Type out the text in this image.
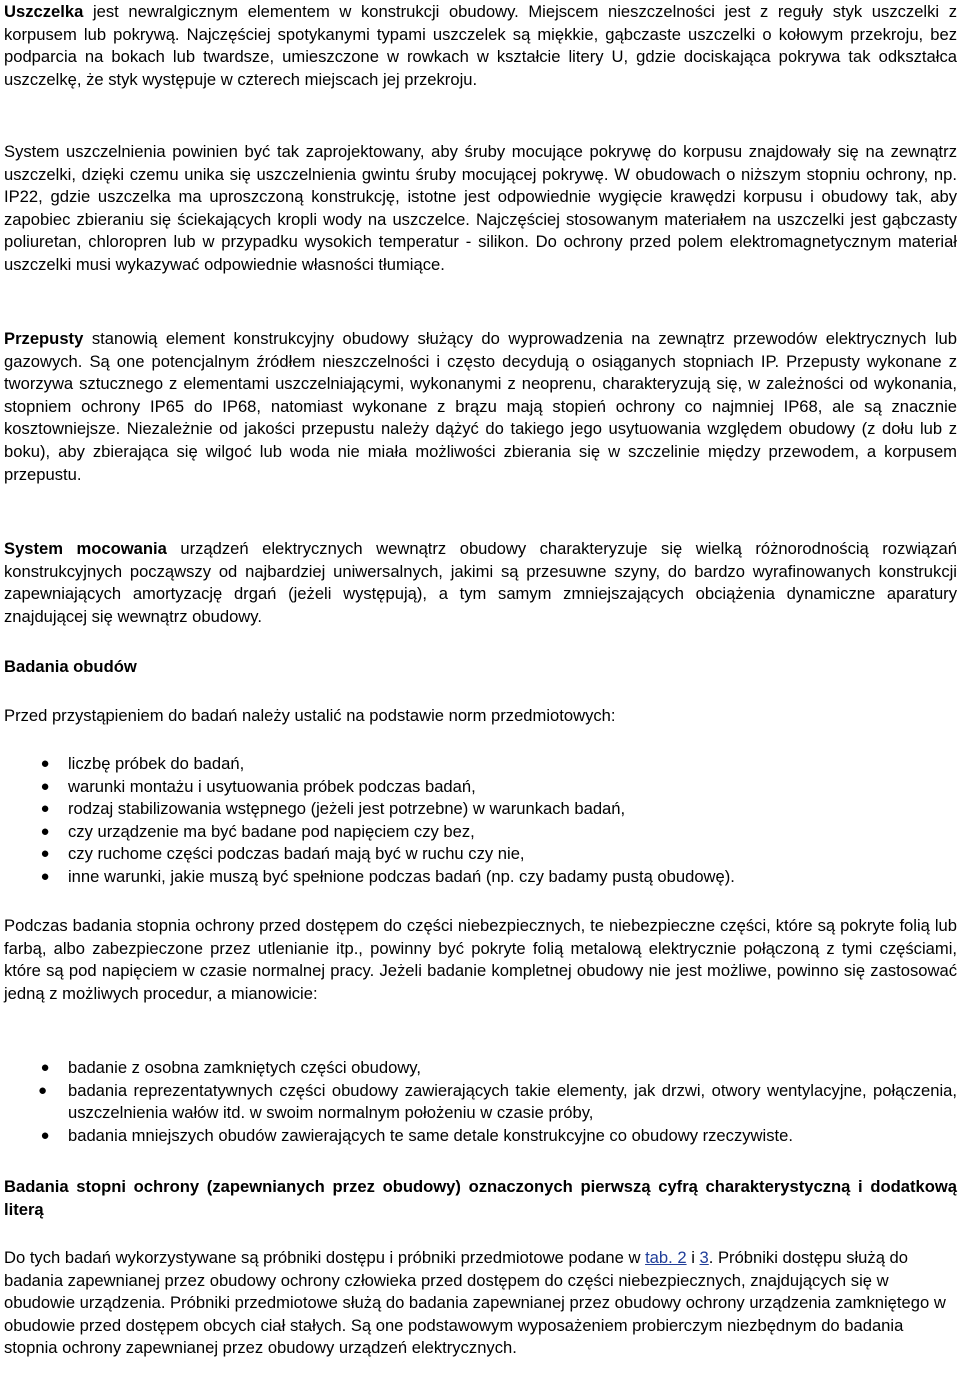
Uszczelka jest newralgicznym elementem w konstrukcji obudowy. Miejscem nieszczelności jest z reguły styk uszczelki z korpusem lub pokrywą. Najczęściej spotykanymi typami uszczelek są miękkie, gąbczaste uszczelki o kołowym przekroju, bez podparcia na bokach lub twardsze, umieszczone w rowkach w kształcie litery U, gdzie dociskająca pokrywa tak odkształca uszczelkę, że styk występuje w czterech miejscach jej przekroju.

System uszczelnienia powinien być tak zaprojektowany, aby śruby mocujące pokrywę do korpusu znajdowały się na zewnątrz uszczelki, dzięki czemu unika się uszczelnienia gwintu śruby mocującej pokrywę. W obudowach o niższym stopniu ochrony, np. IP22, gdzie uszczelka ma uproszczoną konstrukcję, istotne jest odpowiednie wygięcie krawędzi korpusu i obudowy tak, aby zapobiec zbieraniu się ściekających kropli wody na uszczelce. Najczęściej stosowanym materiałem na uszczelki jest gąbczasty poliuretan, chloropren lub w przypadku wysokich temperatur - silikon. Do ochrony przed polem elektromagnetycznym materiał uszczelki musi wykazywać odpowiednie własności tłumiące.

Przepusty stanowią element konstrukcyjny obudowy służący do wyprowadzenia na zewnątrz przewodów elektrycznych lub gazowych. Są one potencjalnym źródłem nieszczelności i często decydują o osiąganych stopniach IP. Przepusty wykonane z tworzywa sztucznego z elementami uszczelniającymi, wykonanymi z neoprenu, charakteryzują się, w zależności od wykonania, stopniem ochrony IP65 do IP68, natomiast wykonane z brązu mają stopień ochrony co najmniej IP68, ale są znacznie kosztowniejsze. Niezależnie od jakości przepustu należy dążyć do takiego jego usytuowania względem obudowy (z dołu lub z boku), aby zbierająca się wilgoć lub woda nie miała możliwości zbierania się w szczelinie między przewodem, a korpusem przepustu.

System mocowania urządzeń elektrycznych wewnątrz obudowy charakteryzuje się wielką różnorodnością rozwiązań konstrukcyjnych począwszy od najbardziej uniwersalnych, jakimi są przesuwne szyny, do bardzo wyrafinowanych konstrukcji zapewniających amortyzację drgań (jeżeli występują), a tym samym zmniejszających obciążenia dynamiczne aparatury znajdującej się wewnątrz obudowy.

Badania obudów

Przed przystąpieniem do badań należy ustalić na podstawie norm przedmiotowych:

● liczbę próbek do badań,
● warunki montażu i usytuowania próbek podczas badań,
● rodzaj stabilizowania wstępnego (jeżeli jest potrzebne) w warunkach badań,
● czy urządzenie ma być badane pod napięciem czy bez,
● czy ruchome części podczas badań mają być w ruchu czy nie,
● inne warunki, jakie muszą być spełnione podczas badań (np. czy badamy pustą obudowę).

Podczas badania stopnia ochrony przed dostępem do części niebezpiecznych, te niebezpieczne części, które są pokryte folią lub farbą, albo zabezpieczone przez utlenianie itp., powinny być pokryte folią metalową elektrycznie połączoną z tymi częściami, które są pod napięciem w czasie normalnej pracy. Jeżeli badanie kompletnej obudowy nie jest możliwe, powinno się zastosować jedną z możliwych procedur, a mianowicie:

● badanie z osobna zamkniętych części obudowy,
● badania reprezentatywnych części obudowy zawierających takie elementy, jak drzwi, otwory wentylacyjne, połączenia, uszczelnienia wałów itd. w swoim normalnym położeniu w czasie próby,
● badania mniejszych obudów zawierających te same detale konstrukcyjne co obudowy rzeczywiste.
Badania stopni ochrony (zapewnianych przez obudowy) oznaczonych pierwszą cyfrą charakterystyczną i dodatkową literą

Do tych badań wykorzystywane są próbniki dostępu i próbniki przedmiotowe podane w tab. 2 i 3. Próbniki dostępu służą do badania zapewnianej przez obudowy ochrony człowieka przed dostępem do części niebezpiecznych, znajdujących się w obudowie urządzenia. Próbniki przedmiotowe służą do badania zapewnianej przez obudowy ochrony urządzenia zamkniętego w obudowie przed dostępem obcych ciał stałych. Są one podstawowym wyposażeniem probierczym niezbędnym do badania stopnia ochrony zapewnianej przez obudowy urządzeń elektrycznych.
